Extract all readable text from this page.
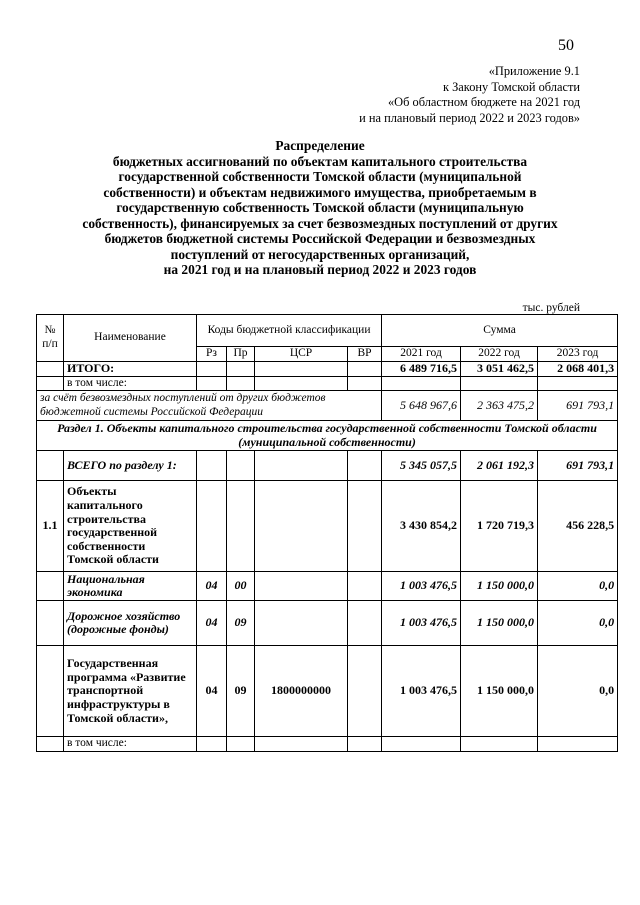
50
«Приложение 9.1
к Закону Томской области
«Об областном бюджете на 2021 год
и на плановый период 2022 и 2023 годов»
Распределение
бюджетных ассигнований по объектам капитального строительства
государственной собственности Томской области (муниципальной
собственности) и объектам недвижимого имущества, приобретаемым в
государственную собственность Томской области (муниципальную
собственность), финансируемых за счет безвозмездных поступлений от других
бюджетов бюджетной системы Российской Федерации и безвозмездных
поступлений от негосударственных организаций,
на 2021 год и на плановый период 2022 и 2023 годов
тыс. рублей
№ п/п	Наименование	Коды бюджетной классификации				Сумма		
		Рз	Пр	ЦСР	ВР	2021 год	2022 год	2023 год
	ИТОГО:					6 489 716,5	3 051 462,5	2 068 401,3
	в том числе:							
за счёт безвозмездных поступлений от других бюджетов бюджетной системы Российской Федерации						5 648 967,6	2 363 475,2	691 793,1
Раздел 1. Объекты капитального строительства государственной собственности Томской области (муниципальной собственности)								
	ВСЕГО по разделу 1:					5 345 057,5	2 061 192,3	691 793,1
1.1	Объекты капитального строительства государственной собственности Томской области					3 430 854,2	1 720 719,3	456 228,5
	Национальная экономика	04	00			1 003 476,5	1 150 000,0	0,0
	Дорожное хозяйство (дорожные фонды)	04	09			1 003 476,5	1 150 000,0	0,0
	Государственная программа «Развитие транспортной инфраструктуры в Томской области»,	04	09	1800000000		1 003 476,5	1 150 000,0	0,0
	в том числе:							
